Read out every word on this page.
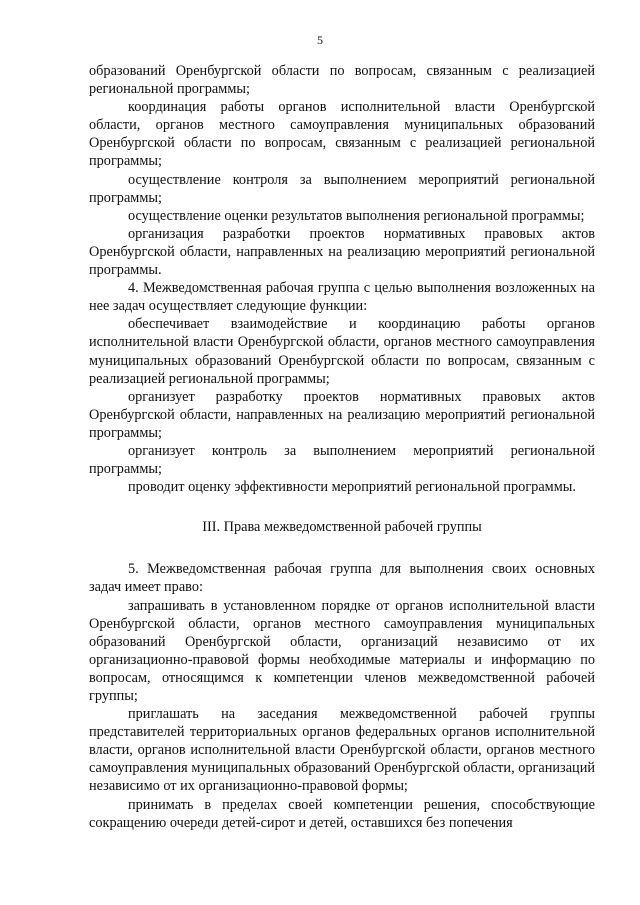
5

образований Оренбургской области по вопросам, связанным с реализацией региональной программы;

координация работы органов исполнительной власти Оренбургской области, органов местного самоуправления муниципальных образований Оренбургской области по вопросам, связанным с реализацией региональной программы;

осуществление контроля за выполнением мероприятий региональной программы;

осуществление оценки результатов выполнения региональной программы;

организация разработки проектов нормативных правовых актов Оренбургской области, направленных на реализацию мероприятий региональной программы.

4. Межведомственная рабочая группа с целью выполнения возложенных на нее задач осуществляет следующие функции:

обеспечивает взаимодействие и координацию работы органов исполнительной власти Оренбургской области, органов местного самоуправления муниципальных образований Оренбургской области по вопросам, связанным с реализацией региональной программы;

организует разработку проектов нормативных правовых актов Оренбургской области, направленных на реализацию мероприятий региональной программы;

организует контроль за выполнением мероприятий региональной программы;

проводит оценку эффективности мероприятий региональной программы.

III. Права межведомственной рабочей группы

5. Межведомственная рабочая группа для выполнения своих основных задач имеет право:

запрашивать в установленном порядке от органов исполнительной власти Оренбургской области, органов местного самоуправления муниципальных образований Оренбургской области, организаций независимо от их организационно-правовой формы необходимые материалы и информацию по вопросам, относящимся к компетенции членов межведомственной рабочей группы;

приглашать на заседания межведомственной рабочей группы представителей территориальных органов федеральных органов исполнительной власти, органов исполнительной власти Оренбургской области, органов местного самоуправления муниципальных образований Оренбургской области, организаций независимо от их организационно-правовой формы;

принимать в пределах своей компетенции решения, способствующие сокращению очереди детей-сирот и детей, оставшихся без попечения
